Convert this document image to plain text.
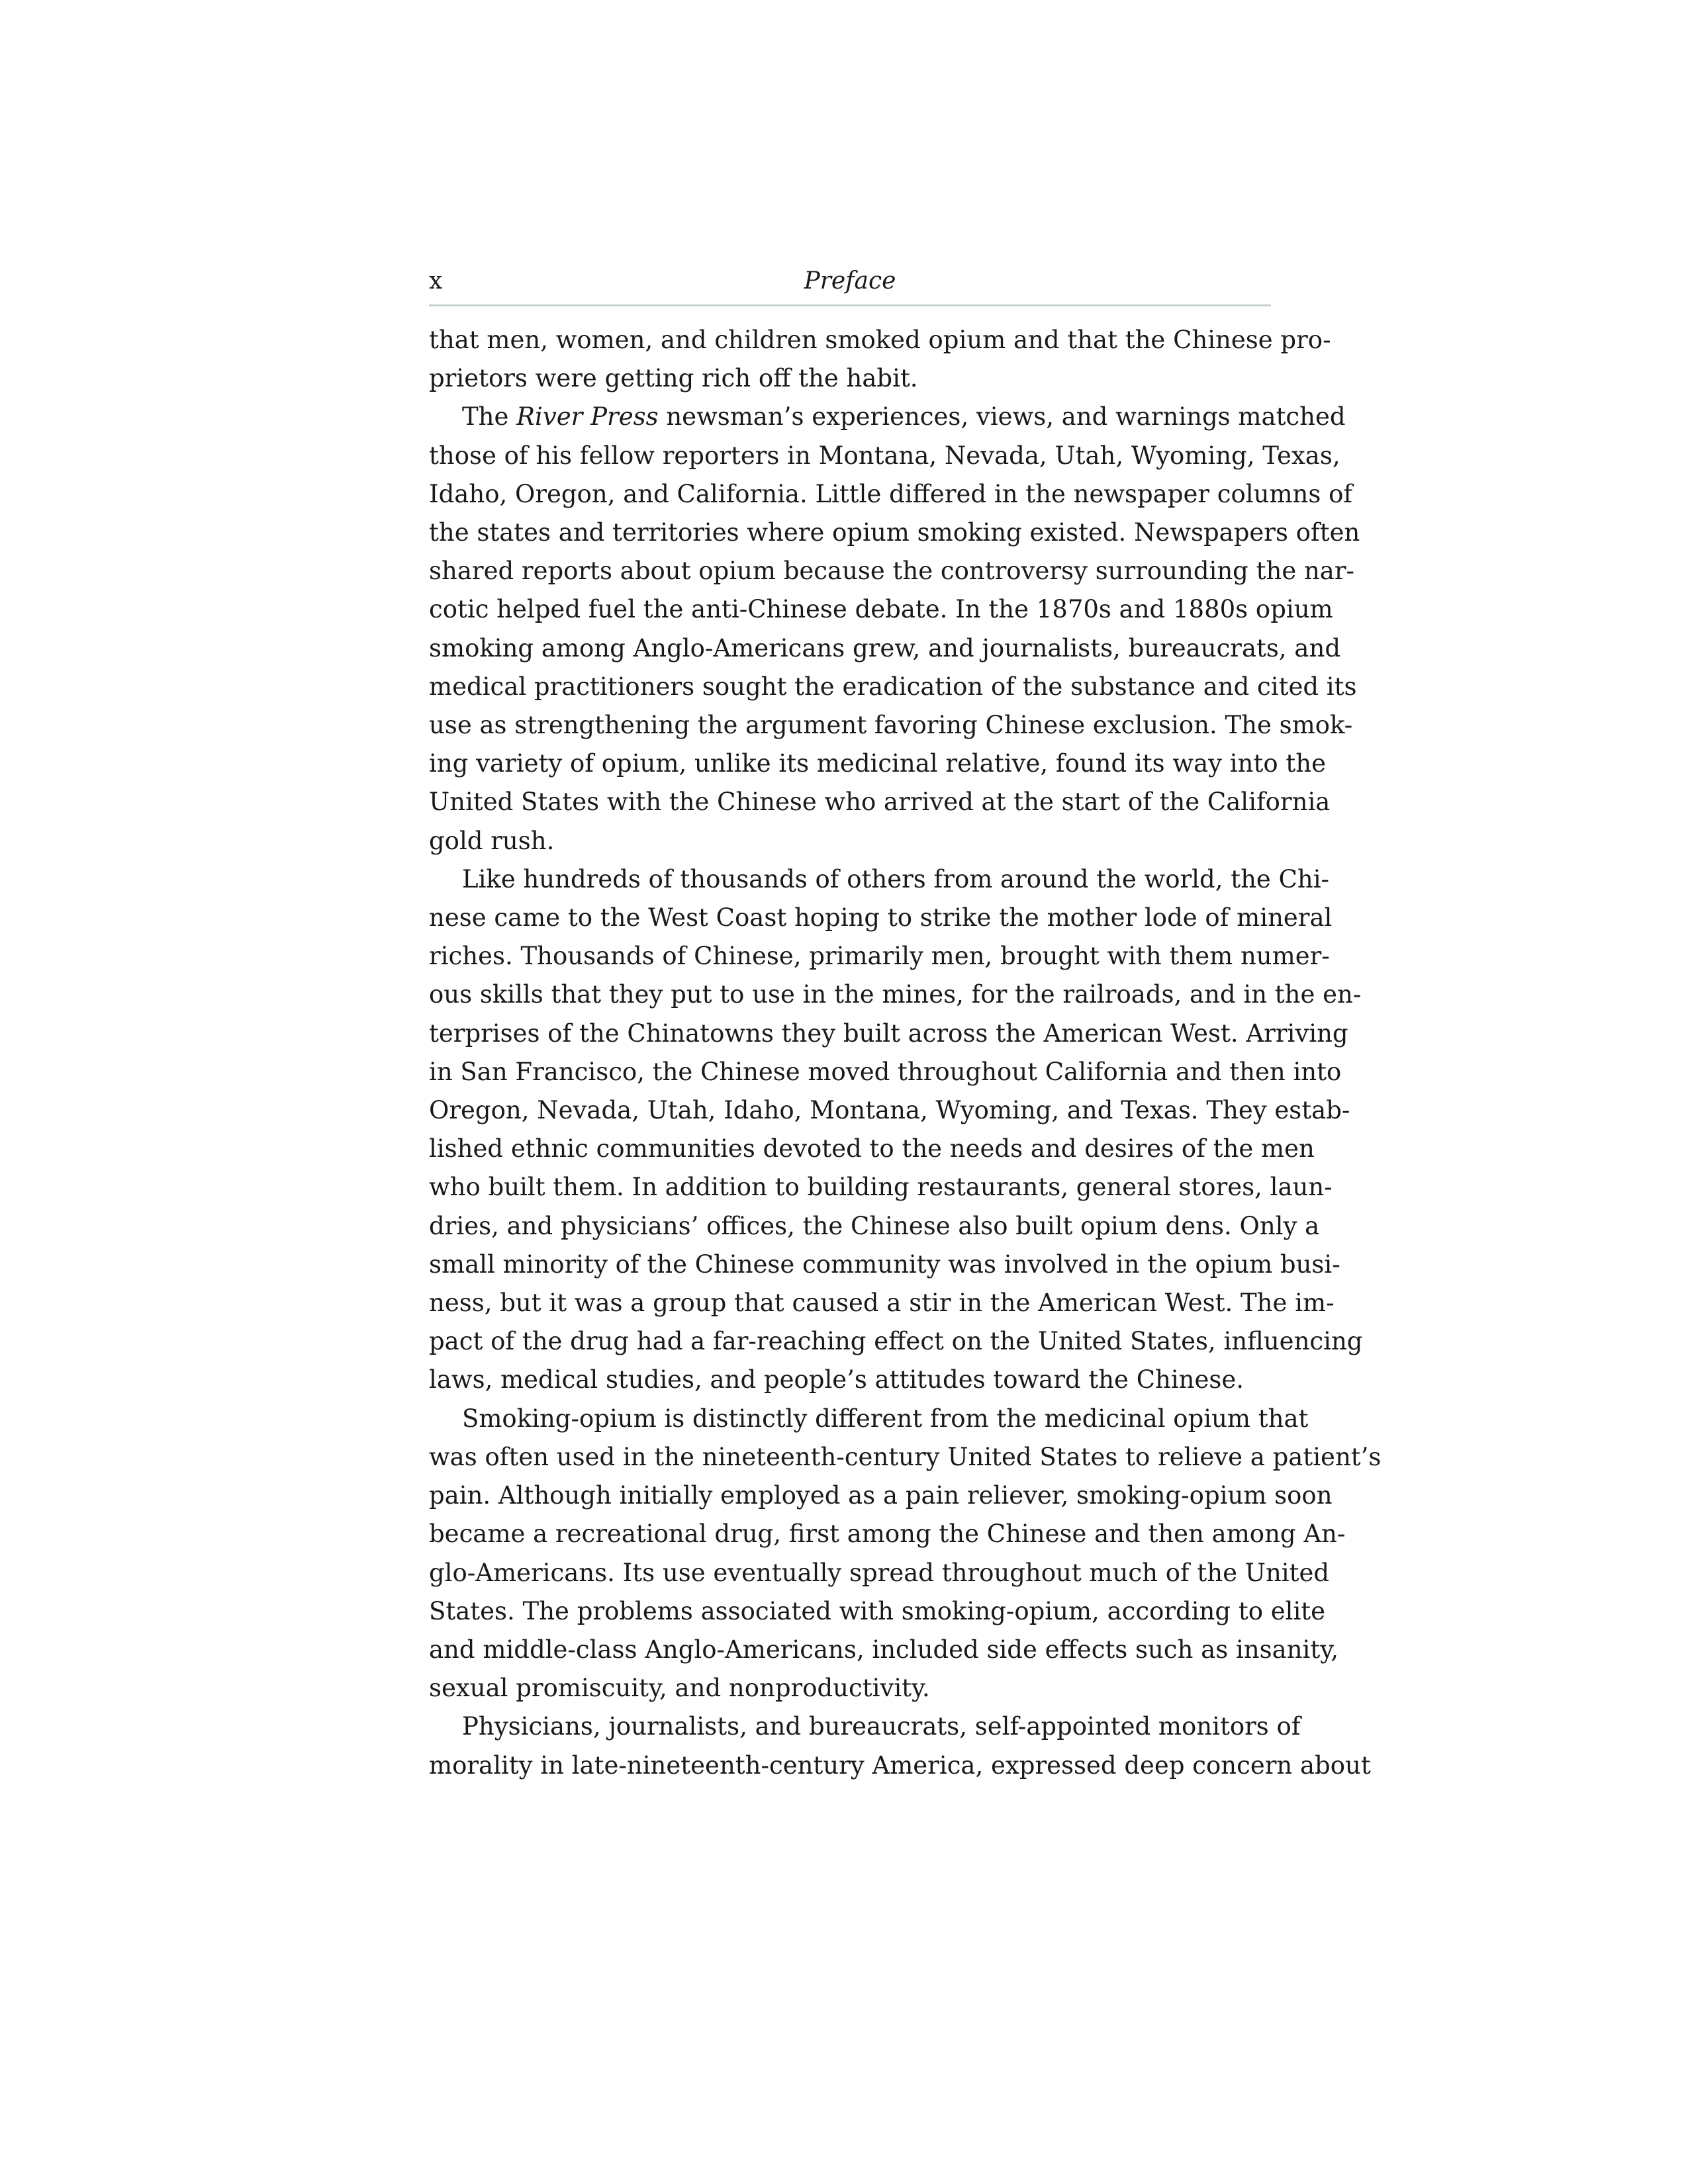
x	Preface

that men, women, and children smoked opium and that the Chinese pro-
prietors were getting rich off the habit.

The River Press newsman’s experiences, views, and warnings matched
those of his fellow reporters in Montana, Nevada, Utah, Wyoming, Texas,
Idaho, Oregon, and California. Little differed in the newspaper columns of
the states and territories where opium smoking existed. Newspapers often
shared reports about opium because the controversy surrounding the nar-
cotic helped fuel the anti-Chinese debate. In the 1870s and 1880s opium
smoking among Anglo-Americans grew, and journalists, bureaucrats, and
medical practitioners sought the eradication of the substance and cited its
use as strengthening the argument favoring Chinese exclusion. The smok-
ing variety of opium, unlike its medicinal relative, found its way into the
United States with the Chinese who arrived at the start of the California
gold rush.

Like hundreds of thousands of others from around the world, the Chi-
nese came to the West Coast hoping to strike the mother lode of mineral
riches. Thousands of Chinese, primarily men, brought with them numer-
ous skills that they put to use in the mines, for the railroads, and in the en-
terprises of the Chinatowns they built across the American West. Arriving
in San Francisco, the Chinese moved throughout California and then into
Oregon, Nevada, Utah, Idaho, Montana, Wyoming, and Texas. They estab-
lished ethnic communities devoted to the needs and desires of the men
who built them. In addition to building restaurants, general stores, laun-
dries, and physicians’ offices, the Chinese also built opium dens. Only a
small minority of the Chinese community was involved in the opium busi-
ness, but it was a group that caused a stir in the American West. The im-
pact of the drug had a far-reaching effect on the United States, influencing
laws, medical studies, and people’s attitudes toward the Chinese.

Smoking-opium is distinctly different from the medicinal opium that
was often used in the nineteenth-century United States to relieve a patient’s
pain. Although initially employed as a pain reliever, smoking-opium soon
became a recreational drug, first among the Chinese and then among An-
glo-Americans. Its use eventually spread throughout much of the United
States. The problems associated with smoking-opium, according to elite
and middle-class Anglo-Americans, included side effects such as insanity,
sexual promiscuity, and nonproductivity.

Physicians, journalists, and bureaucrats, self-appointed monitors of
morality in late-nineteenth-century America, expressed deep concern about
